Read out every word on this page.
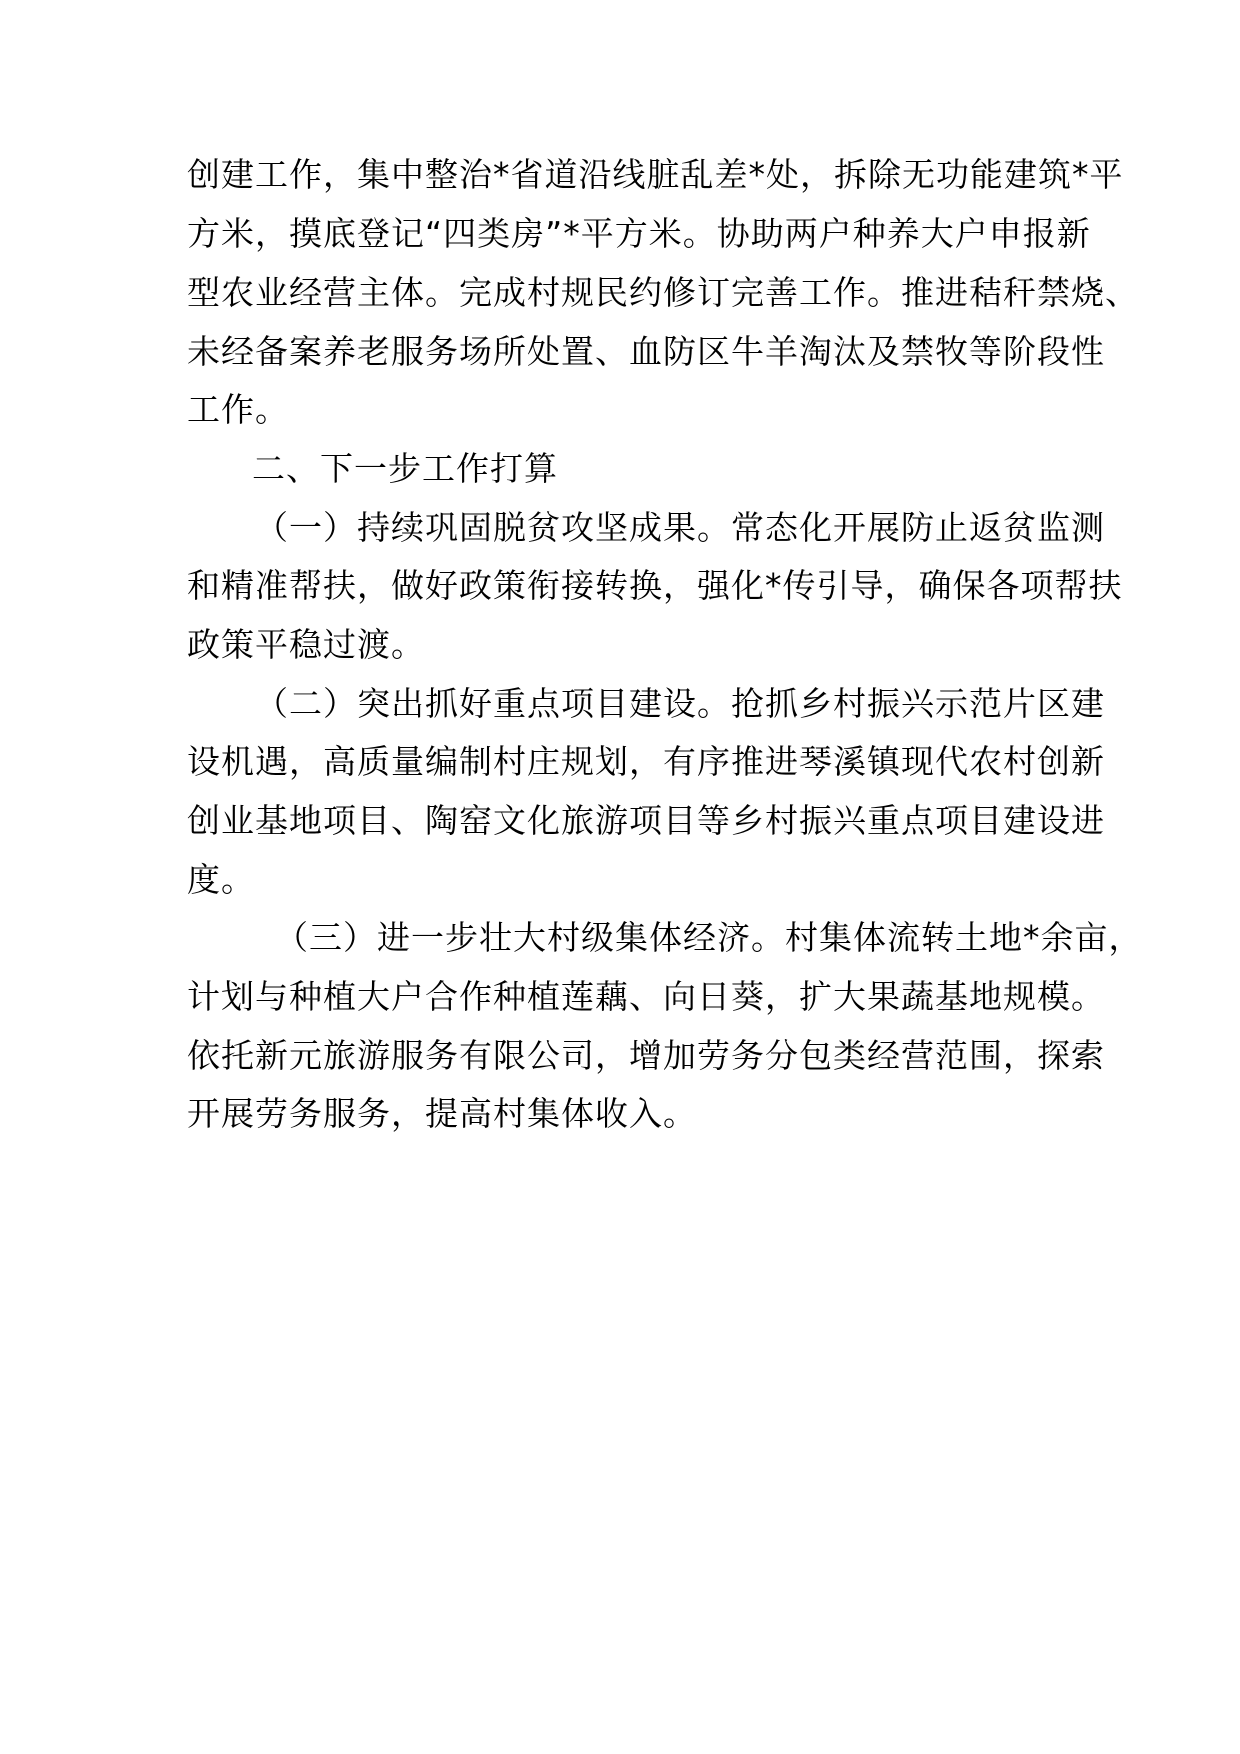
创建工作，集中整治*省道沿线脏乱差*处，拆除无功能建筑*平

方米，摸底登记“四类房”*平方米。协助两户种养大户申报新

型农业经营主体。完成村规民约修订完善工作。推进秸秆禁烧、

未经备案养老服务场所处置、血防区牛羊淘汰及禁牧等阶段性

工作。

二、下一步工作打算

（一）持续巩固脱贫攻坚成果。常态化开展防止返贫监测

和精准帮扶，做好政策衔接转换，强化*传引导，确保各项帮扶

政策平稳过渡。

（二）突出抓好重点项目建设。抢抓乡村振兴示范片区建

设机遇，高质量编制村庄规划，有序推进琴溪镇现代农村创新

创业基地项目、陶窑文化旅游项目等乡村振兴重点项目建设进

度。

（三）进一步壮大村级集体经济。村集体流转土地*余亩，

计划与种植大户合作种植莲藕、向日葵，扩大果蔬基地规模。

依托新元旅游服务有限公司，增加劳务分包类经营范围，探索

开展劳务服务，提高村集体收入。
